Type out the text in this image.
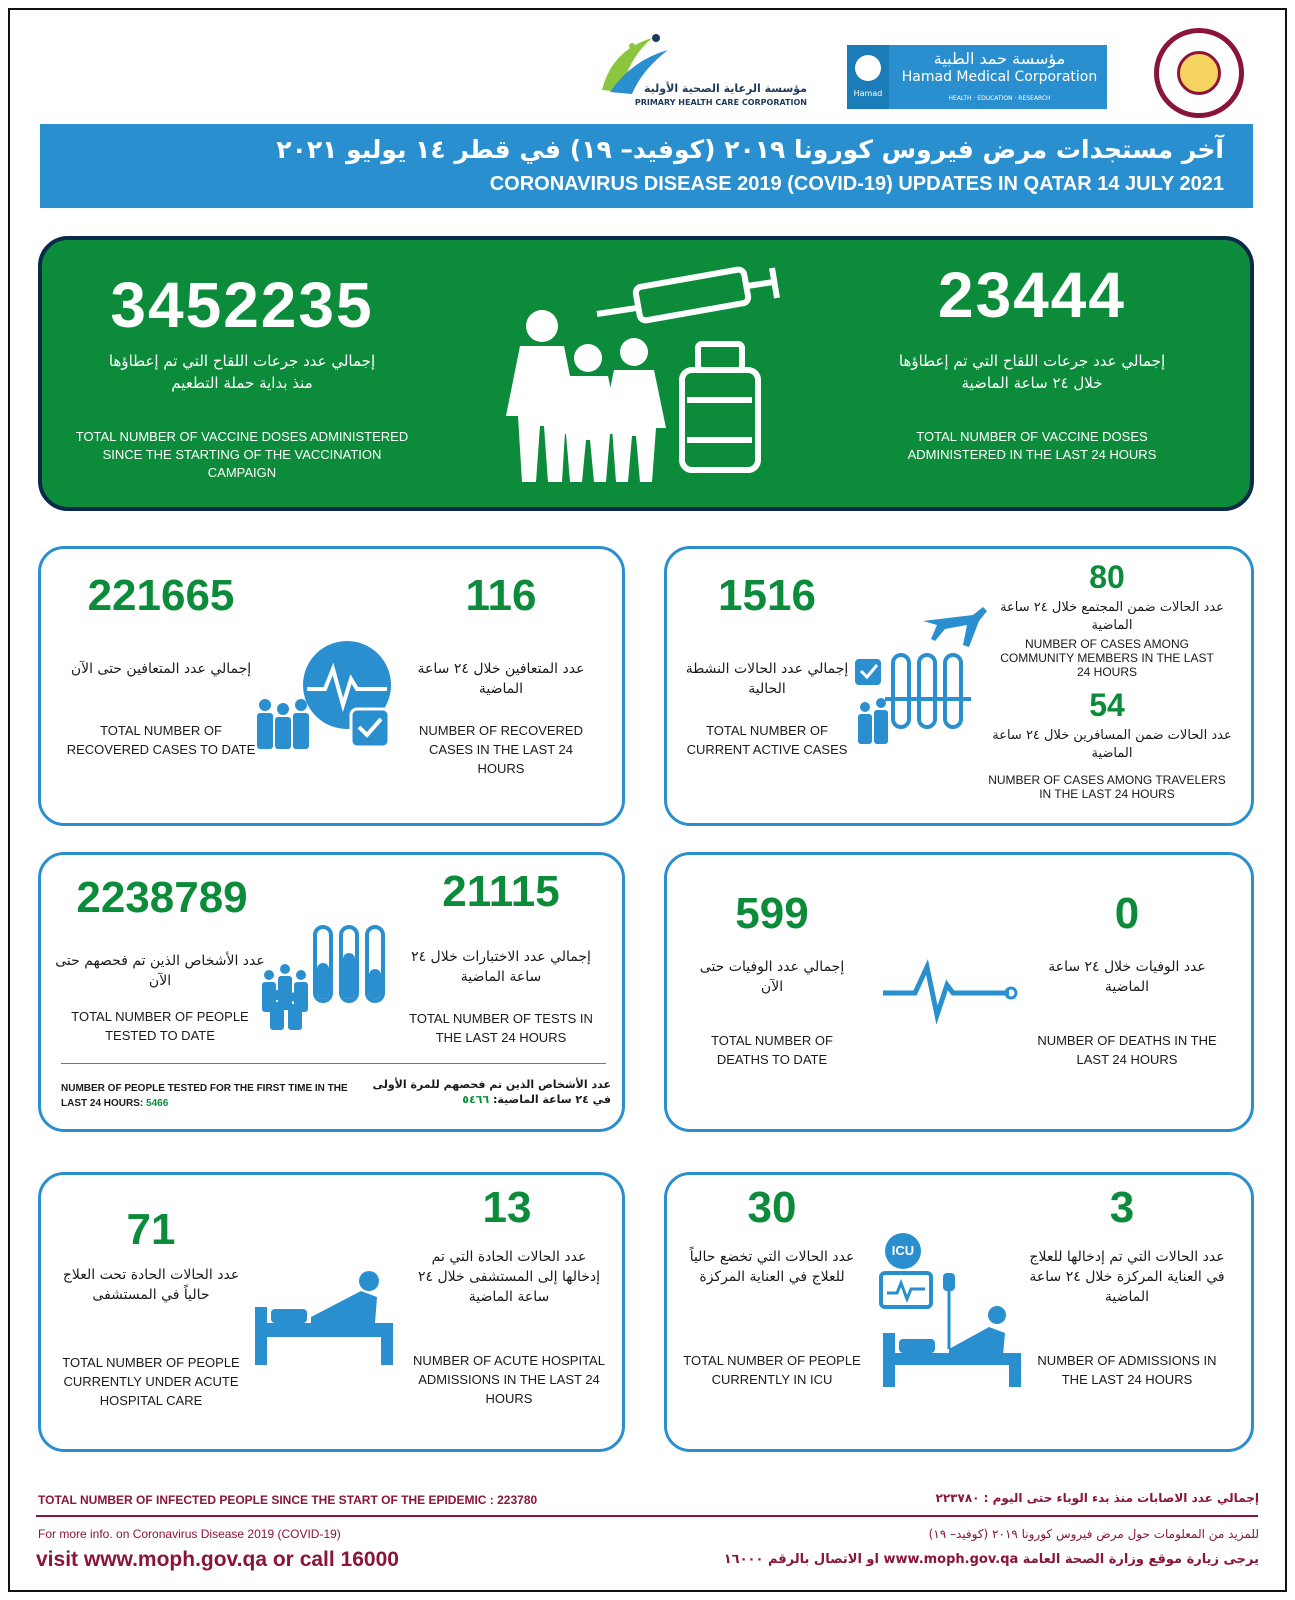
مؤسسة الرعاية الصحية الأولية
PRIMARY HEALTH CARE CORPORATION
Hamad
مؤسسة حمد الطبية
Hamad Medical Corporation
HEALTH · EDUCATION · RESEARCH
آخر مستجدات مرض فيروس كورونا ٢٠١٩ (كوفيد– ١٩) في قطر ١٤ يوليو ٢٠٢١
CORONAVIRUS DISEASE 2019 (COVID-19) UPDATES IN QATAR 14 JULY 2021
3452235
إجمالي عدد جرعات اللقاح التي تم إعطاؤها منذ بداية حملة التطعيم
TOTAL NUMBER OF VACCINE DOSES ADMINISTERED SINCE THE STARTING OF THE VACCINATION CAMPAIGN
23444
إجمالي عدد جرعات اللقاح التي تم إعطاؤها خلال ٢٤ ساعة الماضية
TOTAL NUMBER OF VACCINE DOSES ADMINISTERED IN THE LAST 24 HOURS
221665
إجمالي عدد المتعافين حتى الآن
TOTAL NUMBER OF RECOVERED CASES TO DATE
116
عدد المتعافين خلال ٢٤ ساعة الماضية
NUMBER OF RECOVERED CASES IN THE LAST 24 HOURS
1516
إجمالي عدد الحالات النشطة الحالية
TOTAL NUMBER OF CURRENT ACTIVE CASES
80
عدد الحالات ضمن المجتمع خلال ٢٤ ساعة الماضية
NUMBER OF CASES AMONG COMMUNITY MEMBERS IN THE LAST 24 HOURS
54
عدد الحالات ضمن المسافرين خلال ٢٤ ساعة الماضية
NUMBER OF CASES AMONG TRAVELERS IN THE LAST 24 HOURS
2238789
عدد الأشخاص الذين تم فحصهم حتى الآن
TOTAL NUMBER OF PEOPLE TESTED TO DATE
21115
إجمالي عدد الاختبارات خلال ٢٤ ساعة الماضية
TOTAL NUMBER OF TESTS IN THE LAST 24 HOURS
NUMBER OF PEOPLE TESTED FOR THE FIRST TIME IN THE LAST 24 HOURS: 5466
عدد الأشخاص الذين تم فحصهم للمرة الأولى في ٢٤ ساعة الماضية: ٥٤٦٦
599
إجمالي عدد الوفيات حتى الآن
TOTAL NUMBER OF DEATHS TO DATE
0
عدد الوفيات خلال ٢٤ ساعة الماضية
NUMBER OF DEATHS IN THE LAST 24 HOURS
71
عدد الحالات الحادة تحت العلاج حالياً في المستشفى
TOTAL NUMBER OF PEOPLE CURRENTLY UNDER ACUTE HOSPITAL CARE
13
عدد الحالات الحادة التي تم إدخالها إلى المستشفى خلال ٢٤ ساعة الماضية
NUMBER OF ACUTE HOSPITAL ADMISSIONS IN THE LAST 24 HOURS
30
عدد الحالات التي تخضع حالياً للعلاج في العناية المركزة
TOTAL NUMBER OF PEOPLE CURRENTLY IN ICU
ICU
3
عدد الحالات التي تم إدخالها للعلاج في العناية المركزة خلال ٢٤ ساعة الماضية
NUMBER OF ADMISSIONS IN THE LAST 24 HOURS
TOTAL NUMBER OF INFECTED PEOPLE SINCE THE START OF THE EPIDEMIC : 223780	إجمالي عدد الاصابات منذ بدء الوباء حتى اليوم : ٢٢٣٧٨٠
For more info. on Coronavirus Disease 2019 (COVID-19)
visit www.moph.gov.qa or call 16000
للمزيد من المعلومات حول مرض فيروس كورونا ٢٠١٩ (كوفيد– ١٩)
يرجى زيارة موقع وزارة الصحة العامة www.moph.gov.qa او الاتصال بالرقم ١٦٠٠٠
